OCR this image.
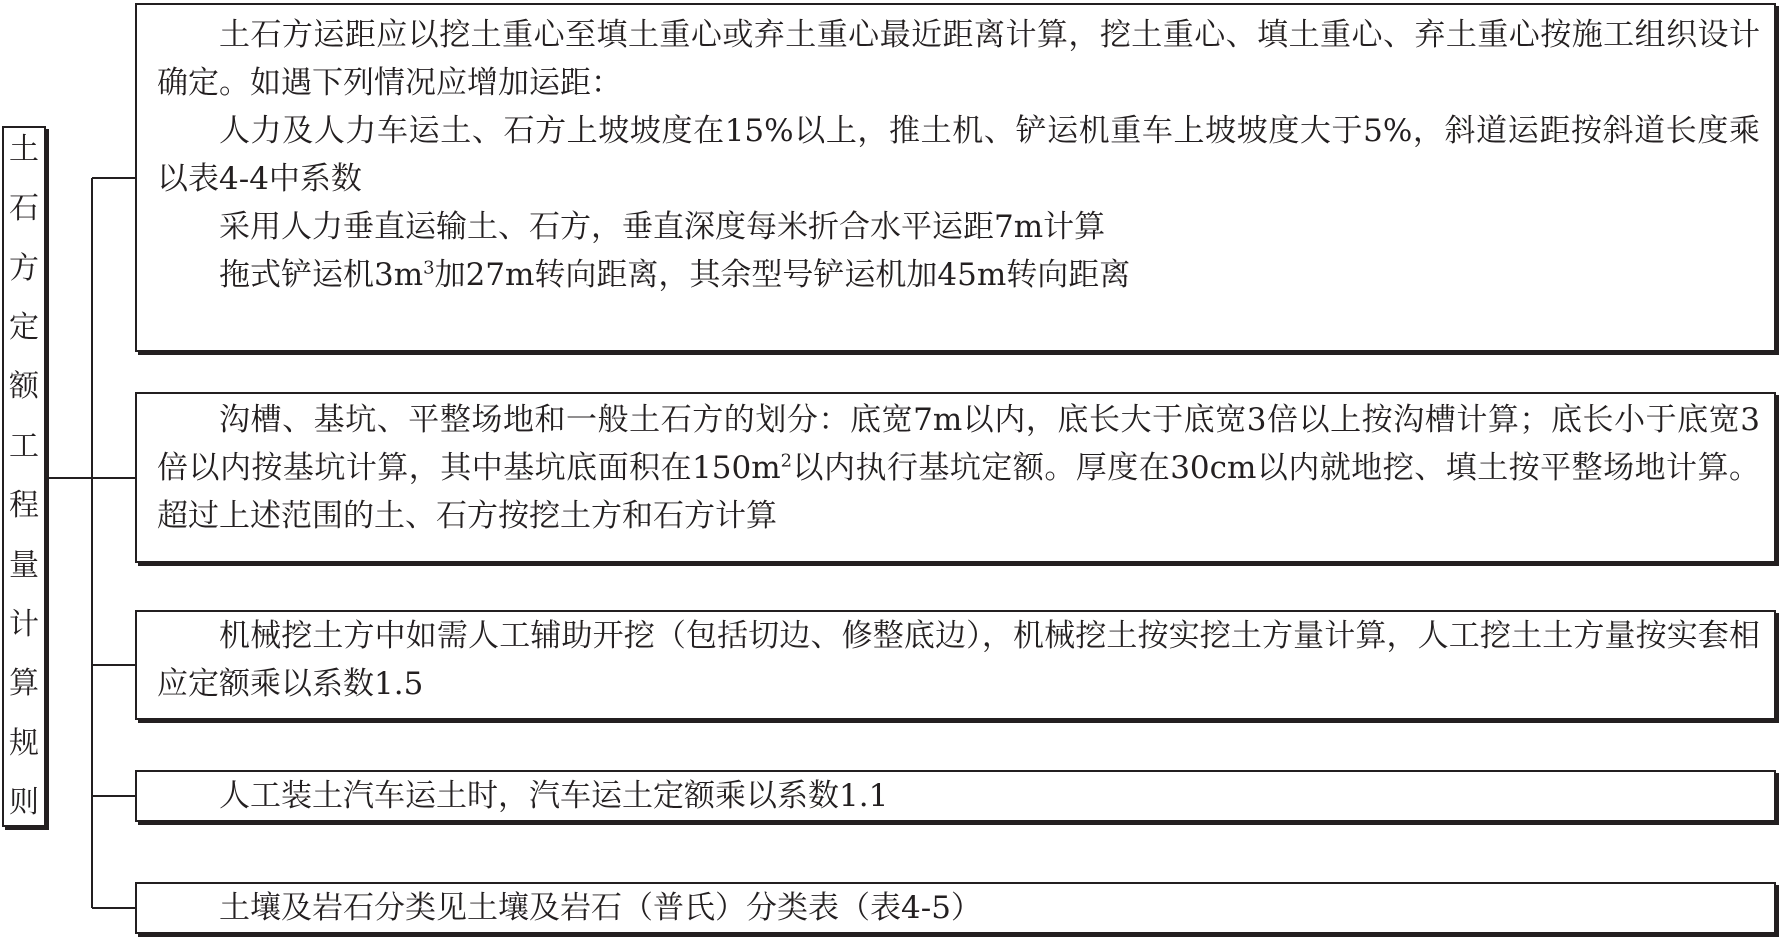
土
石
方
定
额
工
程
量
计
算
规
则

土石方运距应以挖土重心至填土重心或弃土重心最近距离计算，挖土重心、填土重心、弃土重心按施工组织设计确定。如遇下列情况应增加运距：

人力及人力车运土、石方上坡坡度在15%以上，推土机、铲运机重车上坡坡度大于5%，斜道运距按斜道长度乘以表4-4中系数

采用人力垂直运输土、石方，垂直深度每米折合水平运距7m计算

拖式铲运机$3m^3$加27m转向距离，其余型号铲运机加45m转向距离

沟槽、基坑、平整场地和一般土石方的划分：底宽7m以内，底长大于底宽3倍以上按沟槽计算；底长小于底宽3倍以内按基坑计算，其中基坑底面积在$150m^2$以内执行基坑定额。厚度在30cm以内就地挖、填土按平整场地计算。超过上述范围的土、石方按挖土方和石方计算

机械挖土方中如需人工辅助开挖（包括切边、修整底边），机械挖土按实挖土方量计算，人工挖土土方量按实套相应定额乘以系数1.5

人工装土汽车运土时，汽车运土定额乘以系数1.1

土壤及岩石分类见土壤及岩石（普氏）分类表（表4-5）
